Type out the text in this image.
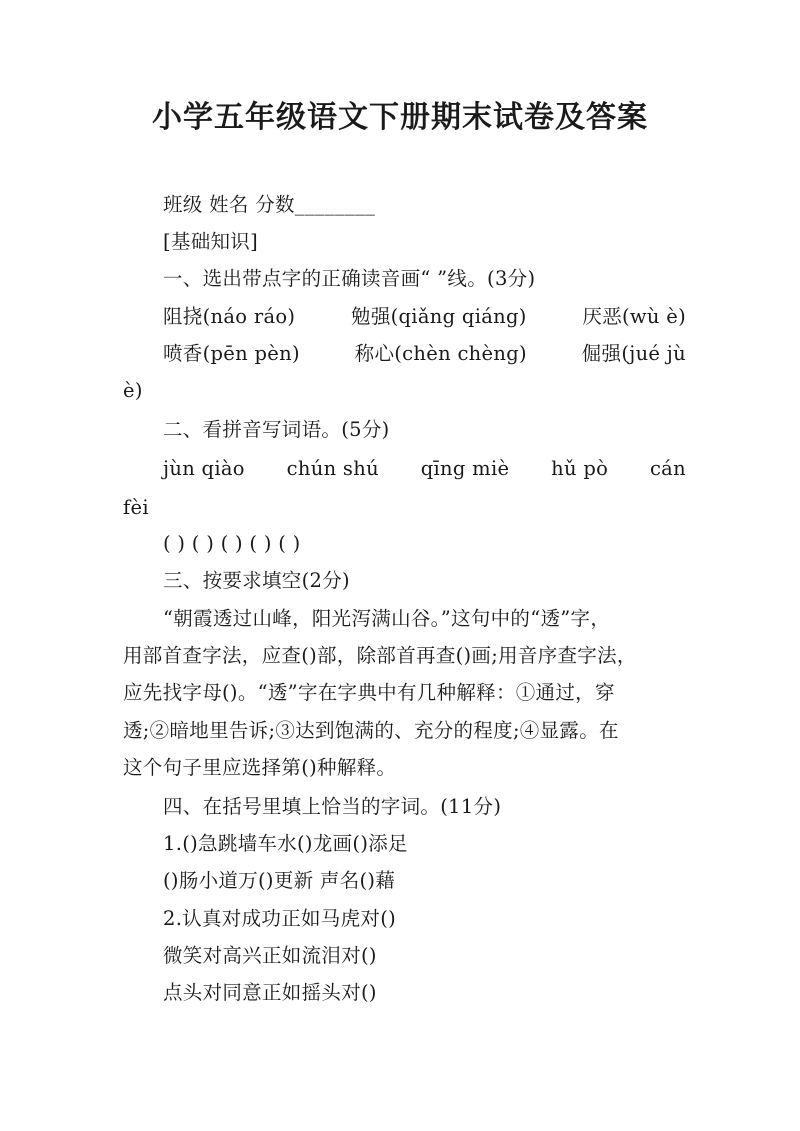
小学五年级语文下册期末试卷及答案
班级 姓名 分数________
[基础知识]
一、选出带点字的正确读音画“ ”线。(3分)
阻挠(náo ráo)	勉强(qiǎng qiáng)	厌恶(wù è)
喷香(pēn pèn)	称心(chèn chèng)	倔强(jué jù
è)
二、看拼音写词语。(5分)
jùn qiào chún shú qīng miè hǔ pò cán
fèi
( ) ( ) ( ) ( ) ( )
三、按要求填空(2分)
“朝霞透过山峰，阳光泻满山谷。”这句中的“透”字，
用部首查字法，应查()部，除部首再查()画;用音序查字法，
应先找字母()。“透”字在字典中有几种解释：①通过，穿
透;②暗地里告诉;③达到饱满的、充分的程度;④显露。在
这个句子里应选择第()种解释。
四、在括号里填上恰当的字词。(11分)
1.()急跳墙车水()龙画()添足
()肠小道万()更新 声名()藉
2.认真对成功正如马虎对()
微笑对高兴正如流泪对()
点头对同意正如摇头对()
